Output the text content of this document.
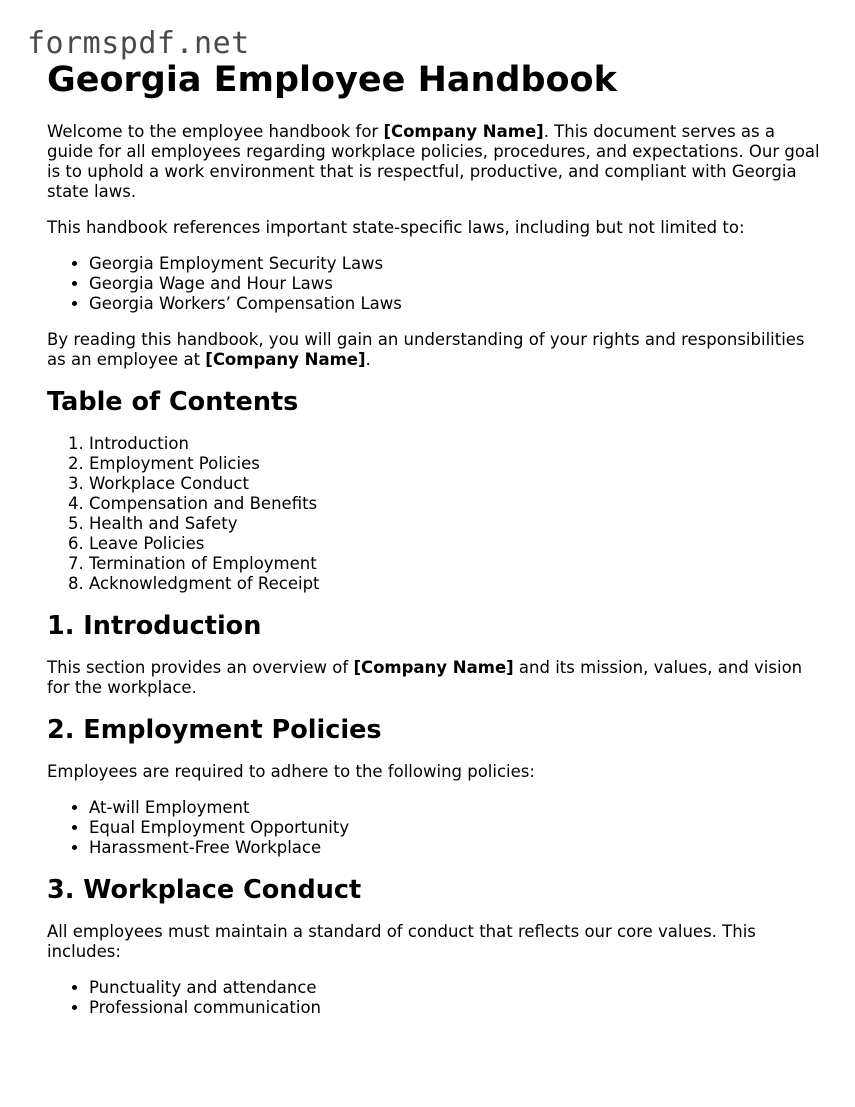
formspdf.net
Georgia Employee Handbook

Welcome to the employee handbook for [Company Name]. This document serves as a guide for all employees regarding workplace policies, procedures, and expectations. Our goal is to uphold a work environment that is respectful, productive, and compliant with Georgia state laws.

This handbook references important state-specific laws, including but not limited to:

• Georgia Employment Security Laws
• Georgia Wage and Hour Laws
• Georgia Workers’ Compensation Laws

By reading this handbook, you will gain an understanding of your rights and responsibilities as an employee at [Company Name].

Table of Contents
1. Introduction
2. Employment Policies
3. Workplace Conduct
4. Compensation and Benefits
5. Health and Safety
6. Leave Policies
7. Termination of Employment
8. Acknowledgment of Receipt
1. Introduction

This section provides an overview of [Company Name] and its mission, values, and vision for the workplace.

2. Employment Policies

Employees are required to adhere to the following policies:

• At-will Employment
• Equal Employment Opportunity
• Harassment-Free Workplace
3. Workplace Conduct

All employees must maintain a standard of conduct that reflects our core values. This includes:

• Punctuality and attendance
• Professional communication
